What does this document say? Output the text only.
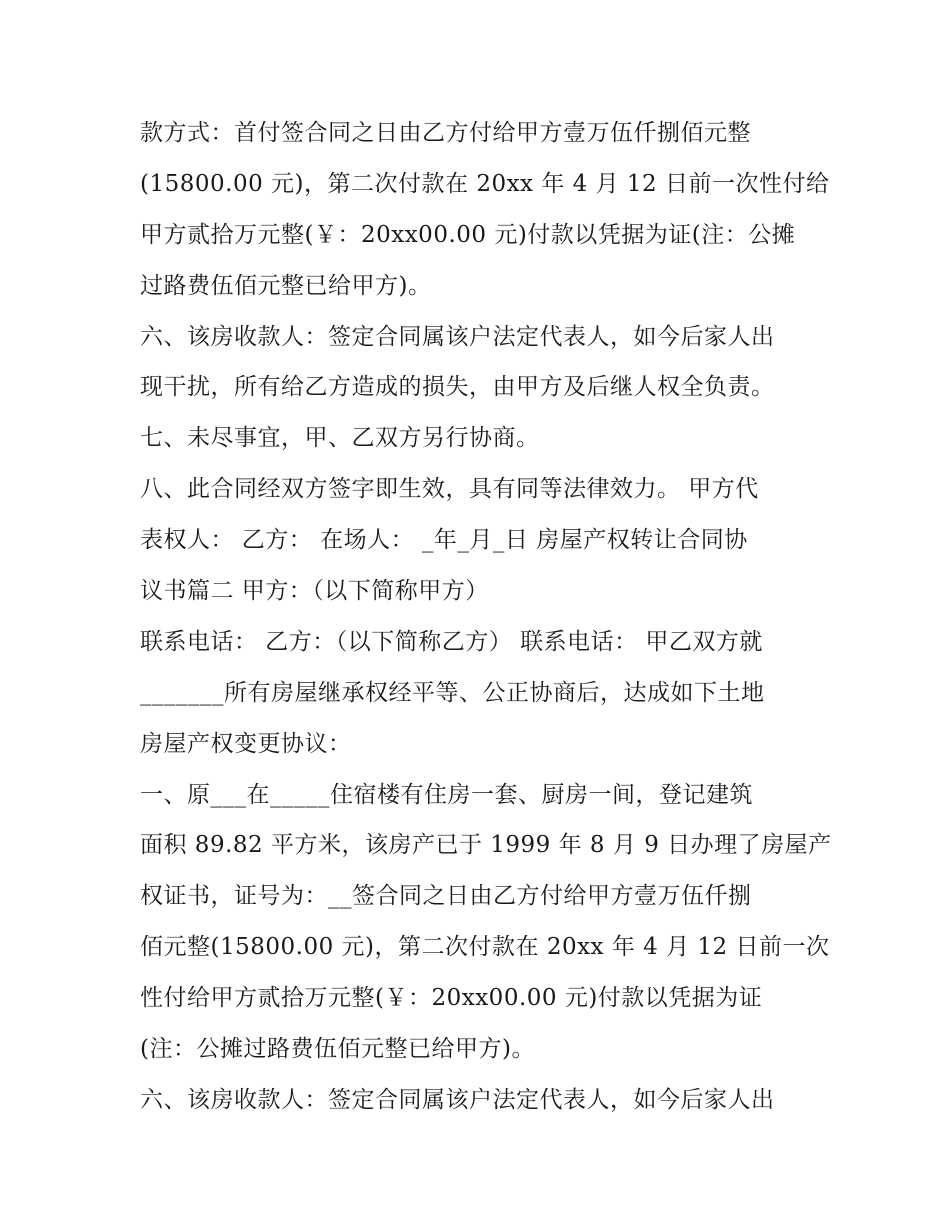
款方式：首付签合同之日由乙方付给甲方壹万伍仟捌佰元整
(15800.00 元)，第二次付款在 20xx 年 4 月 12 日前一次性付给
甲方贰拾万元整(￥：20xx00.00 元)付款以凭据为证(注：公摊
过路费伍佰元整已给甲方)。
六、该房收款人：签定合同属该户法定代表人，如今后家人出
现干扰，所有给乙方造成的损失，由甲方及后继人权全负责。
七、未尽事宜，甲、乙双方另行协商。
八、此合同经双方签字即生效，具有同等法律效力。 甲方代
表权人： 乙方： 在场人： _年_月_日 房屋产权转让合同协
议书篇二 甲方：（以下简称甲方）
联系电话： 乙方：（以下简称乙方） 联系电话： 甲乙双方就
_______所有房屋继承权经平等、公正协商后，达成如下土地
房屋产权变更协议：
一、原___在_____住宿楼有住房一套、厨房一间，登记建筑
面积 89.82 平方米，该房产已于 1999 年 8 月 9 日办理了房屋产
权证书，证号为：__签合同之日由乙方付给甲方壹万伍仟捌
佰元整(15800.00 元)，第二次付款在 20xx 年 4 月 12 日前一次
性付给甲方贰拾万元整(￥：20xx00.00 元)付款以凭据为证
(注：公摊过路费伍佰元整已给甲方)。
六、该房收款人：签定合同属该户法定代表人，如今后家人出
